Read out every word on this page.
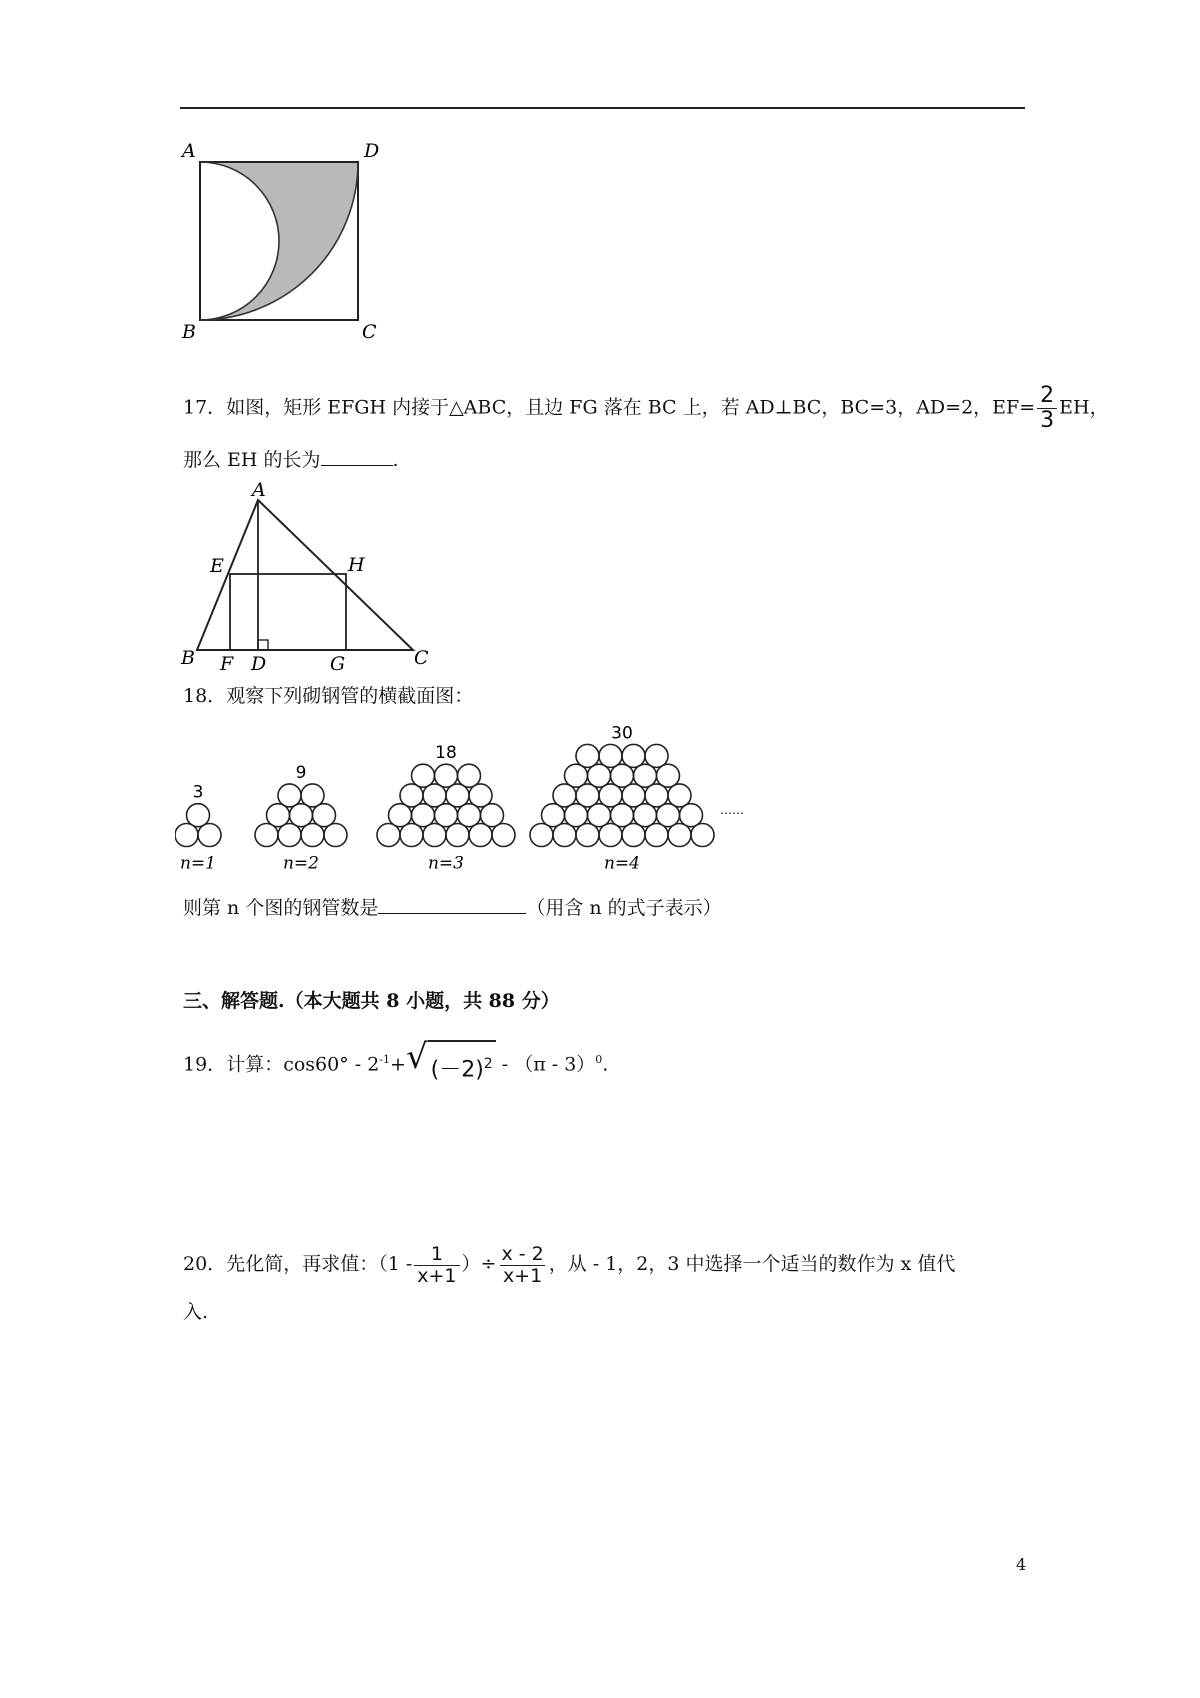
A	D
B	C
17．如图，矩形 EFGH 内接于△ABC，且边 FG 落在 BC 上，若 AD⊥BC，BC=3，AD=2，$EF= \frac{2}{3}$ EH，
那么 EH 的长为	.
A
E	H
B F D	G	C
18．观察下列砌钢管的横截面图：
3
n=1
9
n=2
18
n=3
30
n=4
……
则第 n 个图的钢管数是	（用含 n 的式子表示）
三、解答题.（本大题共 8 小题，共 88 分）
19．计算：$\cos 60^\circ - 2^{-1}+$ √ $(-2)^2 - (\pi - 3)^0$.
20．先化简，再求值：（$1 - \frac{1}{x+1}$ ）÷ $\frac{x - 2}{x+1}$ ，从 - 1，2，3 中选择一个适当的数作为 x 值代
入.
4
